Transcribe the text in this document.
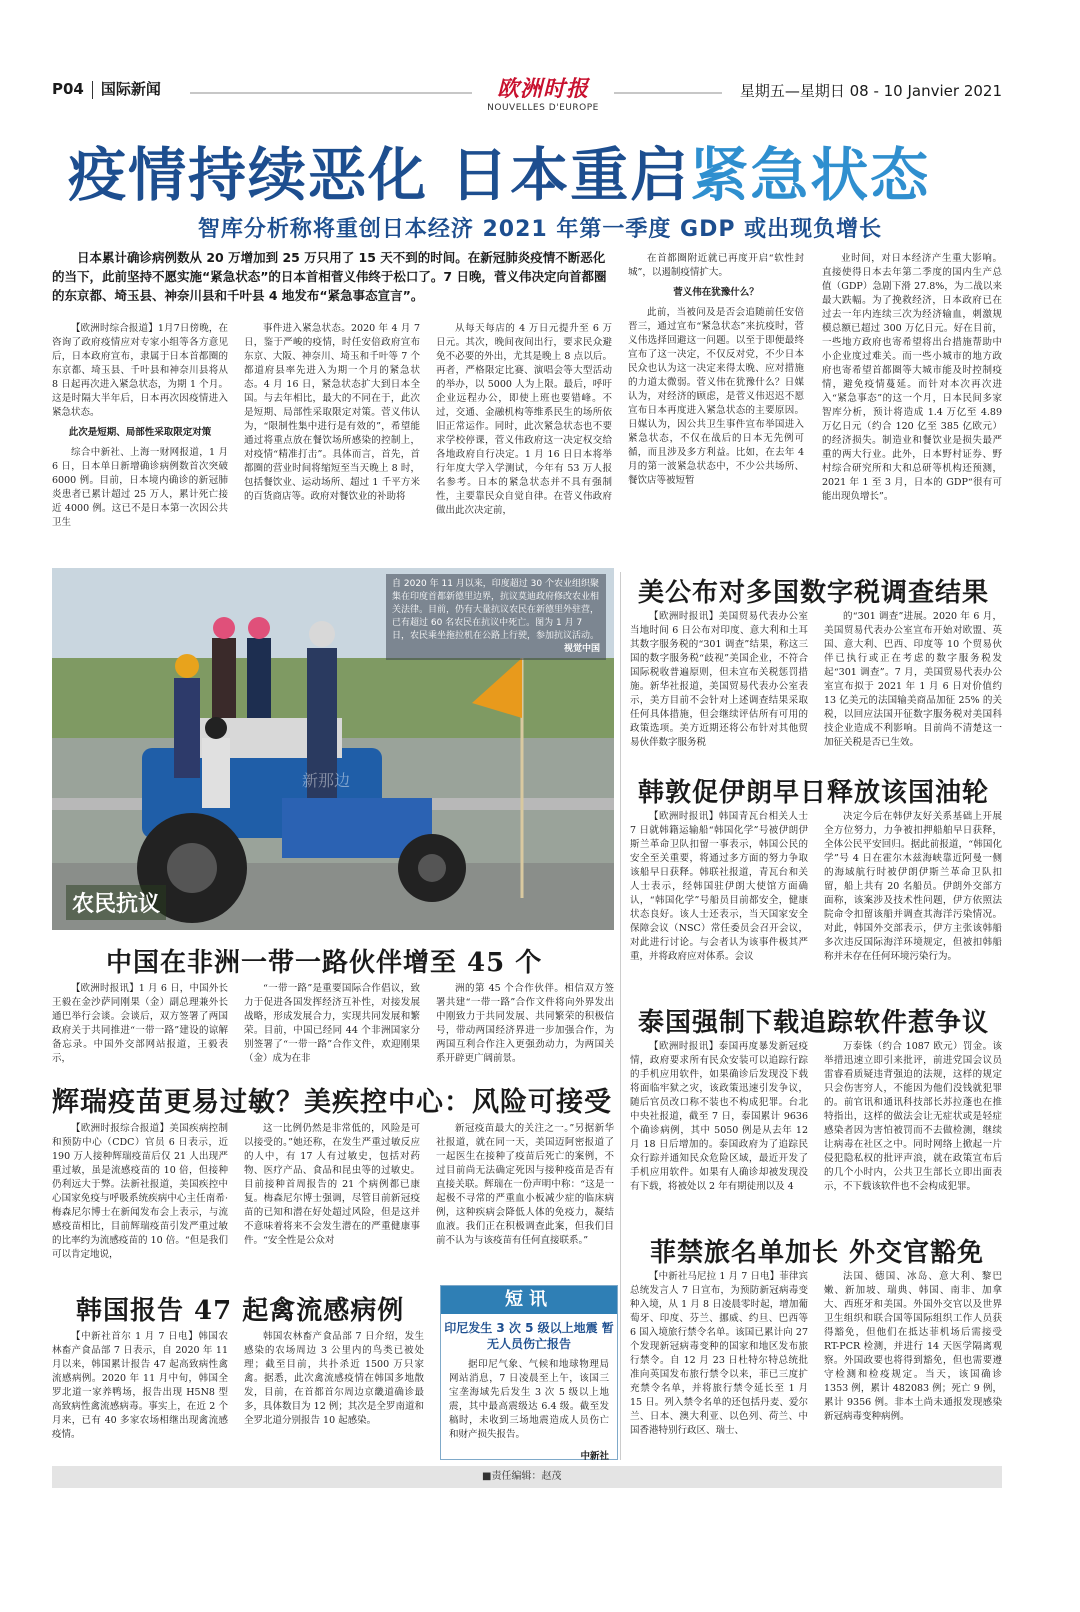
P04 国际新闻	欧洲时报
NOUVELLES D'EUROPE
星期五—星期日 08 - 10 Janvier 2021
疫情持续恶化 日本重启紧急状态
智库分析称将重创日本经济 2021 年第一季度 GDP 或出现负增长
日本累计确诊病例数从 20 万增加到 25 万只用了 15 天不到的时间。在新冠肺炎疫情不断恶化的当下，此前坚持不愿实施“紧急状态”的日本首相菅义伟终于松口了。7 日晚，菅义伟决定向首都圈的东京都、埼玉县、神奈川县和千叶县 4 地发布“紧急事态宣言”。

【欧洲时综合报道】1月7日傍晚，在咨询了政府疫情应对专家小组等各方意见后，日本政府宣布，隶属于日本首都圈的东京都、埼玉县、千叶县和神奈川县将从 8 日起再次进入紧急状态，为期 1 个月。这是时隔大半年后，日本再次因疫情进入紧急状态。

此次是短期、局部性采取限定对策

综合中新社、上海一财网报道，1 月 6 日，日本单日新增确诊病例数首次突破 6000 例。目前，日本境内确诊的新冠肺炎患者已累计超过 25 万人，累计死亡接近 4000 例。这已不是日本第一次因公共卫生

事件进入紧急状态。2020 年 4 月 7 日，鉴于严峻的疫情，时任安倍政府宣布东京、大阪、神奈川、埼玉和千叶等 7 个都道府县率先进入为期一个月的紧急状态。4 月 16 日，紧急状态扩大到日本全国。与去年相比，最大的不同在于，此次是短期、局部性采取限定对策。菅义伟认为，“限制性集中进行是有效的”，希望能通过将重点放在餐饮场所感染的控制上，对疫情“精准打击”。具体而言，首先，首都圈的营业时间将缩短至当天晚上 8 时，包括餐饮业、运动场所、超过 1 千平方米的百货商店等。政府对餐饮业的补助将

从每天每店的 4 万日元提升至 6 万日元。其次，晚间夜间出行，要求民众避免不必要的外出，尤其是晚上 8 点以后。再者，严格限定比赛、演唱会等大型活动的举办，以 5000 人为上限。最后，呼吁企业远程办公，即使上班也要错峰。不过，交通、金融机构等维系民生的场所依旧正常运作。同时，此次紧急状态也不要求学校停课，菅义伟政府这一决定权交给各地政府自行决定。1 月 16 日日本将举行年度大学入学测试，今年有 53 万人报名参考。日本的紧急状态并不具有强制性，主要靠民众自觉自律。在菅义伟政府做出此次决定前，

在首都圈附近就已再度开启“软性封城”，以遏制疫情扩大。

菅义伟在犹豫什么？

此前，当被问及是否会追随前任安倍晋三，通过宣布“紧急状态”来抗疫时，菅义伟选择回避这一问题。以至于即便最终宣布了这一决定，不仅反对党，不少日本民众也认为这一决定来得太晚、应对措施的力道太微弱。菅义伟在犹豫什么？日媒认为，对经济的顾虑，是菅义伟迟迟不愿宣布日本再度进入紧急状态的主要原因。日媒认为，因公共卫生事件宣布举国进入紧急状态，不仅在战后的日本无先例可循，而且涉及多方利益。比如，在去年 4 月的第一波紧急状态中，不少公共场所、餐饮店等被短暂

业时间，对日本经济产生重大影响。直接使得日本去年第二季度的国内生产总值（GDP）急剧下滑 27.8%，为二战以来最大跌幅。为了挽救经济，日本政府已在过去一年内连续三次为经济输血，刺激规模总额已超过 300 万亿日元。好在目前，一些地方政府也寄希望将出台措施帮助中小企业度过难关。而一些小城市的地方政府也寄希望首都圈等大城市能及时控制疫情，避免疫情蔓延。而针对本次再次进入“紧急事态”的这一个月，日本民间多家智库分析，预计将造成 1.4 万亿至 4.89 万亿日元（约合 120 亿至 385 亿欧元）的经济损失。制造业和餐饮业是损失最严重的两大行业。此外，日本野村证券、野村综合研究所和大和总研等机构还预测，2021 年 1 至 3 月，日本的 GDP“很有可能出现负增长”。

自 2020 年 11 月以来，印度超过 30 个农业组织聚集在印度首都新德里边界，抗议莫迪政府修改农业相关法律。目前，仍有大量抗议农民在新德里外驻营，已有超过 60 名农民在抗议中死亡。图为 1 月 7 日，农民乘坐拖拉机在公路上行驶，参加抗议活动。
视觉中国
新那边
农民抗议
中国在非洲一带一路伙伴增至 45 个

【欧洲时报讯】1 月 6 日，中国外长王毅在金沙萨同刚果（金）副总理兼外长通巴举行会谈。会谈后，双方签署了两国政府关于共同推进“一带一路”建设的谅解备忘录。中国外交部网站报道，王毅表示，

“一带一路”是重要国际合作倡议，致力于促进各国发挥经济互补性，对接发展战略，形成发展合力，实现共同发展和繁荣。目前，中国已经同 44 个非洲国家分别签署了“一带一路”合作文件，欢迎刚果（金）成为在非

洲的第 45 个合作伙伴。相信双方签署共建“一带一路”合作文件将向外界发出中刚致力于共同发展、共同繁荣的积极信号，带动两国经济界进一步加强合作，为两国互利合作注入更强劲动力，为两国关系开辟更广阔前景。

辉瑞疫苗更易过敏？美疾控中心：风险可接受

【欧洲时报综合报道】美国疾病控制和预防中心（CDC）官员 6 日表示，近 190 万人接种辉瑞疫苗后仅 21 人出现严重过敏，虽是流感疫苗的 10 倍，但接种仍利远大于弊。法新社报道，美国疾控中心国家免疫与呼吸系统疾病中心主任南希·梅森尼尔博士在新闻发布会上表示，与流感疫苗相比，目前辉瑞疫苗引发严重过敏的比率约为流感疫苗的 10 倍。“但是我们可以肯定地说，

这一比例仍然是非常低的，风险是可以接受的。”她还称，在发生严重过敏反应的人中，有 17 人有过敏史，包括对药物、医疗产品、食品和昆虫等的过敏史。目前接种首周报告的 21 个病例都已康复。梅森尼尔博士强调，尽管目前新冠疫苗的已知和潜在好处超过风险，但是这并不意味着将来不会发生潜在的严重健康事件。“安全性是公众对

新冠疫苗最大的关注之一。”另据新华社报道，就在同一天，美国迈阿密报道了一起医生在接种了疫苗后死亡的案例，不过目前尚无法确定死因与接种疫苗是否有直接关联。辉瑞在一份声明中称：“这是一起极不寻常的严重血小板减少症的临床病例，这种疾病会降低人体的免疫力，凝结血液。我们正在积极调查此案，但我们目前不认为与该疫苗有任何直接联系。”

韩国报告 47 起禽流感病例

【中新社首尔 1 月 7 日电】韩国农林畜产食品部 7 日表示，自 2020 年 11 月以来，韩国累计报告 47 起高致病性禽流感病例。2020 年 11 月中旬，韩国全罗北道一家养鸭场，报告出现 H5N8 型高致病性禽流感病毒。事实上，在近 2 个月来，已有 40 多家农场相继出现禽流感疫情。

韩国农林畜产食品部 7 日介绍，发生感染的农场周边 3 公里内的鸟类已被处理；截至目前，共扑杀近 1500 万只家禽。据悉，此次禽流感疫情在韩国多地散发，目前，在首都首尔周边京畿道确诊最多，具体数目为 12 例；其次是全罗南道和全罗北道分别报告 10 起感染。

短讯
印尼发生 3 次 5 级以上地震 暂无人员伤亡报告

据印尼气象、气候和地球物理局网站消息，7 日凌晨至上午，该国三宝垄海域先后发生 3 次 5 级以上地震，其中最高震级达 6.4 级。截至发稿时，未收到三场地震造成人员伤亡和财产损失报告。

中新社
美公布对多国数字税调查结果

【欧洲时报讯】美国贸易代表办公室当地时间 6 日公布对印度、意大利和土耳其数字服务税的“301 调查”结果，称这三国的数字服务税“歧视”美国企业，不符合国际税收普遍原则，但未宣布关税惩罚措施。新华社报道，美国贸易代表办公室表示，美方目前不会针对上述调查结果采取任何具体措施，但会继续评估所有可用的政策选项。美方近期还将公布针对其他贸易伙伴数字服务税

的“301 调查”进展。2020 年 6 月，美国贸易代表办公室宣布开始对欧盟、英国、意大利、巴西、印度等 10 个贸易伙伴已执行或正在考虑的数字服务税发起“301 调查”。7 月，美国贸易代表办公室宣布拟于 2021 年 1 月 6 日对价值约 13 亿美元的法国输美商品加征 25% 的关税，以回应法国开征数字服务税对美国科技企业造成不利影响。目前尚不清楚这一加征关税是否已生效。

韩敦促伊朗早日释放该国油轮

【欧洲时报讯】韩国青瓦台相关人士 7 日就韩籍运输船“韩国化学”号被伊朗伊斯兰革命卫队扣留一事表示，韩国公民的安全至关重要，将通过多方面的努力争取该船早日获释。韩联社报道，青瓦台和关人士表示，经韩国驻伊朗大使馆方面确认，“韩国化学”号船员目前都安全，健康状态良好。该人士还表示，当天国家安全保障会议（NSC）常任委员会召开会议，对此进行讨论。与会者认为该事件极其严重，并将政府应对体系。会议

决定今后在韩伊友好关系基础上开展全方位努力，力争被扣押船舶早日获释，全体公民平安回归。据此前报道，“韩国化学”号 4 日在霍尔木兹海峡靠近阿曼一侧的海域航行时被伊朗伊斯兰革命卫队扣留，船上共有 20 名船员。伊朗外交部方面称，该案涉及技术性问题，伊方依照法院命令扣留该船并调查其海洋污染情况。对此，韩国外交部表示，伊方主张该韩船多次违反国际海洋环境规定，但被扣韩船称并未存在任何环境污染行为。

泰国强制下载追踪软件惹争议

【欧洲时报讯】泰国再度暴发新冠疫情，政府要求所有民众安装可以追踪行踪的手机应用软件，如果确诊后发现没下载将面临牢狱之灾，该政策迅速引发争议，随后官员改口称不装也不构成犯罪。台北中央社报道，截至 7 日，泰国累计 9636 个确诊病例，其中 5050 例是从去年 12 月 18 日后增加的。泰国政府为了追踪民众行踪并通知民众危险区域，最近开发了手机应用软件。如果有人确诊却被发现没有下载，将被处以 2 年有期徒刑以及 4

万泰铢（约合 1087 欧元）罚金。该举措迅速立即引来批评，前进党国会议员雷睿看质疑违背强迫的法规，这样的规定只会伤害穷人，不能因为他们没钱就犯罪的。前官讯和通讯科技部长苏拉蓬也在推特指出，这样的做法会让无症状或是轻症感染者因为害怕被罚而不去做检测，继续让病毒在社区之中。同时网络上掀起一片侵犯隐私权的批评声浪，就在政策宣布后的几个小时内，公共卫生部长立即出面表示，不下载该软件也不会构成犯罪。

菲禁旅名单加长 外交官豁免

【中新社马尼拉 1 月 7 日电】菲律宾总统发言人 7 日宣布，为预防新冠病毒变种入境，从 1 月 8 日凌晨零时起，增加葡萄牙、印度、芬兰、挪威、约旦、巴西等 6 国入境旅行禁令名单。该国已累计向 27 个发现新冠病毒变种的国家和地区发布旅行禁令。自 12 月 23 日杜特尔特总统批准向英国发布旅行禁令以来，菲已三度扩充禁令名单，并将旅行禁令延长至 1 月 15 日。列入禁令名单的还包括丹麦、爱尔兰、日本、澳大利亚、以色列、荷兰、中国香港特别行政区、瑞士、

法国、德国、冰岛、意大利、黎巴嫩、新加坡、瑞典、韩国、南非、加拿大、西班牙和美国。外国外交官以及世界卫生组织和联合国等国际组织工作人员获得豁免，但他们在抵达菲机场后需接受 RT-PCR 检测，并进行 14 天医学隔离观察。外国政要也将得到豁免，但也需要遵守检测和检疫规定。当天，该国确诊 1353 例，累计 482083 例；死亡 9 例，累计 9356 例。非本土尚未通报发现感染新冠病毒变种病例。

■责任编辑：赵茂
